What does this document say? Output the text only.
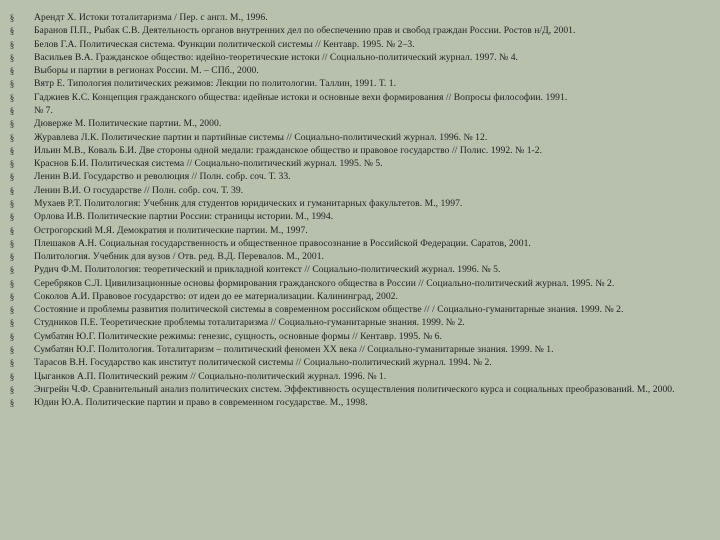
§ Арендт Х. Истоки тоталитаризма / Пер. с англ. М., 1996.
§ Баранов П.П., Рыбак С.В. Деятельность органов внутренних дел по обеспечению прав и свобод граждан России. Ростов н/Д, 2001.
§ Белов Г.А. Политическая система. Функции политической системы // Кентавр. 1995. № 2–3.
§ Васильев В.А. Гражданское общество: идейно-теоретические истоки // Социально-политический журнал. 1997. № 4.
§ Выборы и партии в регионах России. М. – СПб., 2000.
§ Вятр Е. Типология политических режимов: Лекции по политологии. Таллин, 1991. Т. 1.
§ Гаджиев К.С. Концепция гражданского общества: идейные истоки и основные вехи формирования // Вопросы философии. 1991.
§ № 7.
§ Дюверже М. Политические партии. М., 2000.
§ Журавлева Л.К. Политические партии и партийные системы // Социально-политический журнал. 1996. № 12.
§ Ильин М.В., Коваль Б.И. Две стороны одной медали: гражданское общество и правовое государство // Полис. 1992. № 1-2.
§ Краснов Б.И. Политическая система // Социально-политический журнал. 1995. № 5.
§ Ленин В.И. Государство и революция // Полн. собр. соч. Т. 33.
§ Ленин В.И. О государстве // Полн. собр. соч. Т. 39.
§ Мухаев Р.Т. Политология: Учебник для студентов юридических и гуманитарных факультетов. М., 1997.
§ Орлова И.В. Политические партии России: страницы истории. М., 1994.
§ Острогорский М.Я. Демократия и политические партии. М., 1997.
§ Плешаков А.Н. Социальная государственность и общественное правосознание в Российской Федерации. Саратов, 2001.
§ Политология. Учебник для вузов / Отв. ред. В.Д. Перевалов. М., 2001.
§ Рудич Ф.М. Политология: теоретический и прикладной контекст // Социально-политический журнал. 1996. № 5.
§ Серебряков С.Л. Цивилизационные основы формирования гражданского общества в России // Социально-политический журнал. 1995. № 2.
§ Соколов А.И. Правовое государство: от идеи до ее материализации. Калининград, 2002.
§ Состояние и проблемы развития политической системы в современном российском обществе // / Социально-гуманитарные знания. 1999. № 2.
§ Студников П.Е. Теоретические проблемы тоталитаризма // Социально-гуманитарные знания. 1999. № 2.
§ Сумбатян Ю.Г. Политические режимы: генезис, сущность, основные формы // Кентавр. 1995. № 6.
§ Сумбатян Ю.Г. Политология. Тоталитаризм – политический феномен ХХ века // Социально-гуманитарные знания. 1999. № 1.
§ Тарасов В.Н. Государство как институт политической системы // Социально-политический журнал. 1994. № 2.
§ Цыганков А.П. Политический режим // Социально-политический журнал. 1996. № 1.
§ Энгрейн Ч.Ф. Сравнительный анализ политических систем. Эффективность осуществления политического курса и социальных преобразований. М., 2000.
§ Юдин Ю.А. Политические партии и право в современном государстве. М., 1998.
